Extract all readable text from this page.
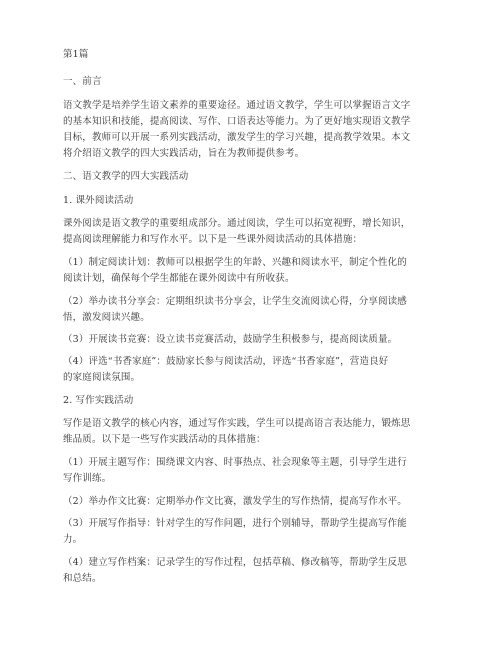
第1篇
一、前言
语文教学是培养学生语文素养的重要途径。通过语文教学，学生可以掌握语言文字
的基本知识和技能，提高阅读、写作、口语表达等能力。为了更好地实现语文教学
目标，教师可以开展一系列实践活动，激发学生的学习兴趣，提高教学效果。本文
将介绍语文教学的四大实践活动，旨在为教师提供参考。
二、语文教学的四大实践活动
1. 课外阅读活动
课外阅读是语文教学的重要组成部分。通过阅读，学生可以拓宽视野，增长知识，
提高阅读理解能力和写作水平。以下是一些课外阅读活动的具体措施：
（1）制定阅读计划：教师可以根据学生的年龄、兴趣和阅读水平，制定个性化的
阅读计划，确保每个学生都能在课外阅读中有所收获。
（2）举办读书分享会：定期组织读书分享会，让学生交流阅读心得，分享阅读感
悟，激发阅读兴趣。
（3）开展读书竞赛：设立读书竞赛活动，鼓励学生积极参与，提高阅读质量。
（4）评选“书香家庭”：鼓励家长参与阅读活动，评选“书香家庭”，营造良好
的家庭阅读氛围。
2. 写作实践活动
写作是语文教学的核心内容，通过写作实践，学生可以提高语言表达能力，锻炼思
维品质。以下是一些写作实践活动的具体措施：
（1）开展主题写作：围绕课文内容、时事热点、社会现象等主题，引导学生进行
写作训练。
（2）举办作文比赛：定期举办作文比赛，激发学生的写作热情，提高写作水平。
（3）开展写作指导：针对学生的写作问题，进行个别辅导，帮助学生提高写作能
力。
（4）建立写作档案：记录学生的写作过程，包括草稿、修改稿等，帮助学生反思
和总结。
